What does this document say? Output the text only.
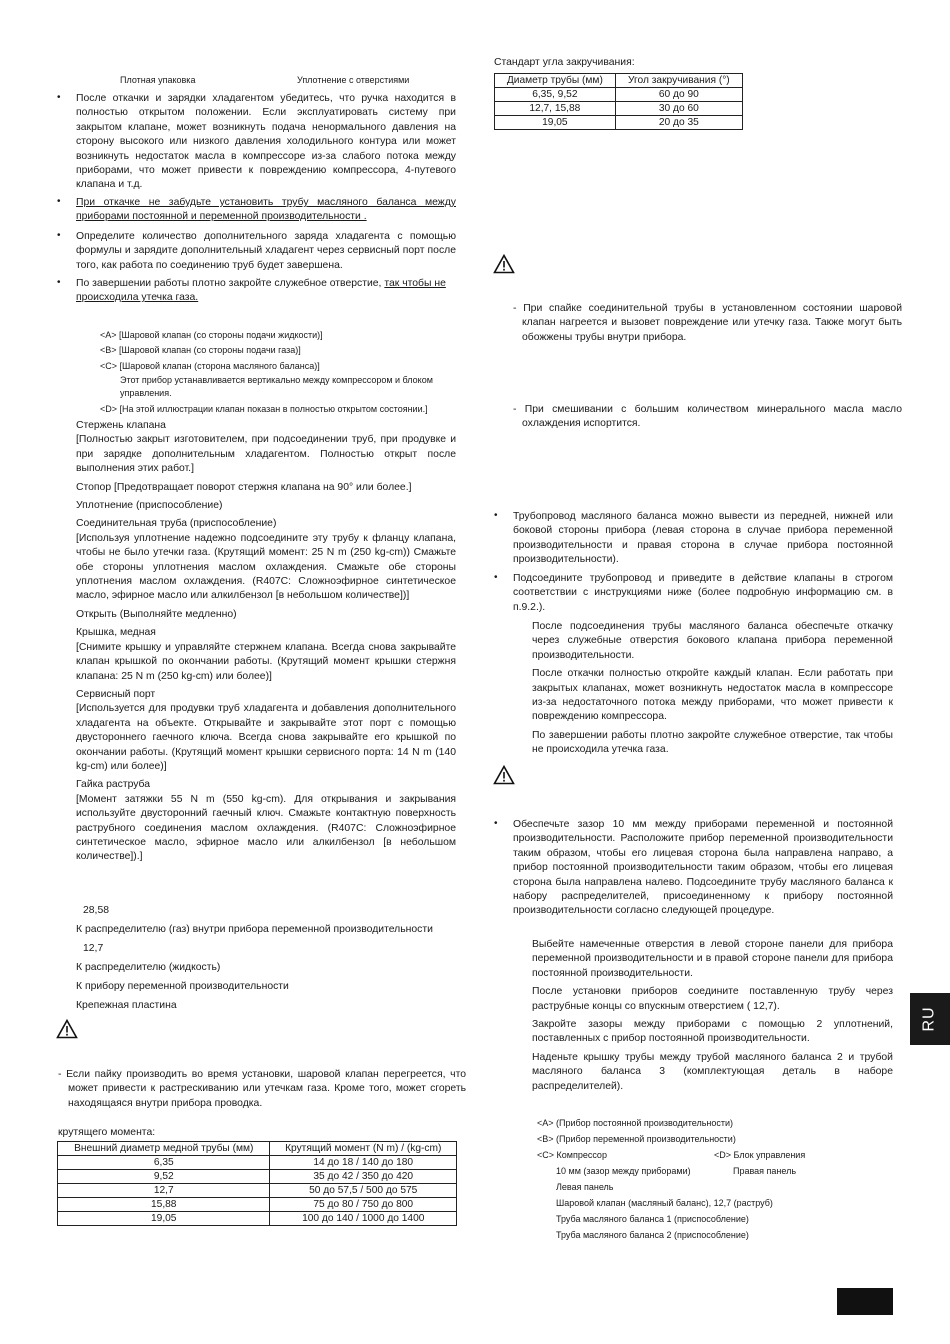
Плотная упаковка	Уплотнение с отверстиями
• После откачки и зарядки хладагентом убедитесь, что ручка находится в полностью открытом положении. Если эксплуатировать систему при закрытом клапане, может возникнуть подача ненормального давления на сторону высокого или низкого давления холодильного контура или может возникнуть недостаток масла в компрессоре из-за слабого потока между приборами, что может привести к повреждению компрессора, 4-путевого клапана и т.д.
• При откачке не забудьте установить трубу масляного баланса между приборами постоянной и переменной производительности .
• Определите количество дополнительного заряда хладагента с помощью формулы и зарядите дополнительный хладагент через сервисный порт после того, как работа по соединению труб будет завершена.
• По завершении работы плотно закройте служебное отверстие, так чтобы не происходила утечка газа.
<A> [Шаровой клапан (со стороны подачи жидкости)]
<B> [Шаровой клапан (со стороны подачи газа)]
<C> [Шаровой клапан (сторона масляного баланса)]
Этот прибор устанавливается вертикально между компрессором и блоком управления.
<D> [На этой иллюстрации клапан показан в полностью открытом состоянии.]
Стержень клапана
[Полностью закрыт изготовителем, при подсоединении труб, при продувке и при зарядке дополнительным хладагентом. Полностью открыт после выполнения этих работ.]
Стопор [Предотвращает поворот стержня клапана на 90° или более.]
Уплотнение (приспособление)
Соединительная труба (приспособление)
[Используя уплотнение надежно подсоедините эту трубу к фланцу клапана, чтобы не было утечки газа. (Крутящий момент: 25 N m (250 kg-cm)) Смажьте обе стороны уплотнения маслом охлаждения. Смажьте обе стороны уплотнения маслом охлаждения. (R407C: Сложноэфирное синтетическое масло, эфирное масло или алкилбензол [в небольшом количестве])]
Открыть (Выполняйте медленно)
Крышка, медная
[Снимите крышку и управляйте стержнем клапана. Всегда снова закрывайте клапан крышкой по окончании работы. (Крутящий момент крышки стержня клапана: 25 N m (250 kg-cm) или более)]
Сервисный порт
[Используется для продувки труб хладагента и добавления дополнительного хладагента на объекте. Открывайте и закрывайте этот порт с помощью двустороннего гаечного ключа. Всегда снова закрывайте его крышкой по окончании работы. (Крутящий момент крышки сервисного порта: 14 N m (140 kg-cm) или более)]
Гайка раструба
[Момент затяжки 55 N m (550 kg-cm). Для открывания и закрывания используйте двусторонний гаечный ключ. Смажьте контактную поверхность раструбного соединения маслом охлаждения. (R407C: Сложноэфирное синтетическое масло, эфирное масло или алкилбензол [в небольшом количестве]).]
28,58
К распределителю (газ) внутри прибора переменной производительности
12,7
К распределителю (жидкость)
К прибору переменной производительности
Крепежная пластина
- Если пайку производить во время установки, шаровой клапан перегреется, что может привести к растрескиванию или утечкам газа. Кроме того, может сгореть находящаяся внутри прибора проводка.
крутящего момента:
Внешний диаметр медной трубы (мм)	Крутящий момент (N m) / (kg-cm)
6,35	14 до 18 / 140 до 180
9,52	35 до 42 / 350 до 420
12,7	50 до 57,5 / 500 до 575
15,88	75 до 80 / 750 до 800
19,05	100 до 140 / 1000 до 1400
Стандарт угла закручивания:
Диаметр трубы (мм)	Угол закручивания (°)
6,35, 9,52	60 до 90
12,7, 15,88	30 до 60
19,05	20 до 35
- При спайке соединительной трубы в установленном состоянии шаровой клапан нагреется и вызовет повреждение или утечку газа. Также могут быть обожжены трубы внутри прибора.
- При смешивании с большим количеством минерального масла масло охлаждения испортится.
• Трубопровод масляного баланса можно вывести из передней, нижней или боковой стороны прибора (левая сторона в случае прибора переменной производительности и правая сторона в случае прибора постоянной производительности).
• Подсоедините трубопровод и приведите в действие клапаны в строгом соответствии с инструкциями ниже (более подробную информацию см. в п.9.2.).
После подсоединения трубы масляного баланса обеспечьте откачку через служебные отверстия бокового клапана прибора переменной производительности.
После откачки полностью откройте каждый клапан. Если работать при закрытых клапанах, может возникнуть недостаток масла в компрессоре из-за недостаточного потока между приборами, что может привести к повреждению компрессора.
По завершении работы плотно закройте служебное отверстие, так чтобы не происходила утечка газа.
• Обеспечьте зазор 10 мм между приборами переменной и постоянной производительности. Расположите прибор переменной производительности таким образом, чтобы его лицевая сторона была направлена направо, а прибор постоянной производительности таким образом, чтобы его лицевая сторона была направлена налево. Подсоедините трубу масляного баланса к набору распределителей, присоединенному к прибору постоянной производительности согласно следующей процедуре.
Выбейте намеченные отверстия в левой стороне панели для прибора переменной производительности и в правой стороне панели для прибора постоянной производительности.
После установки приборов соедините поставленную трубу через раструбные концы со впускным отверстием ( 12,7).
Закройте зазоры между приборами с помощью 2 уплотнений, поставленных с прибор постоянной производительности.
Наденьте крышку трубы между трубой масляного баланса 2 и трубой масляного баланса 3 (комплектующая деталь в наборе распределителей).
<A> (Прибор постоянной производительности)
<B> (Прибор переменной производительности)
<C> Компрессор	<D> Блок управления
10 мм (зазор между приборами)	Правая панель
Левая панель
Шаровой клапан (масляный баланс), 12,7 (раструб)
Труба масляного баланса 1 (приспособление)
Труба масляного баланса 2 (приспособление)
RU
